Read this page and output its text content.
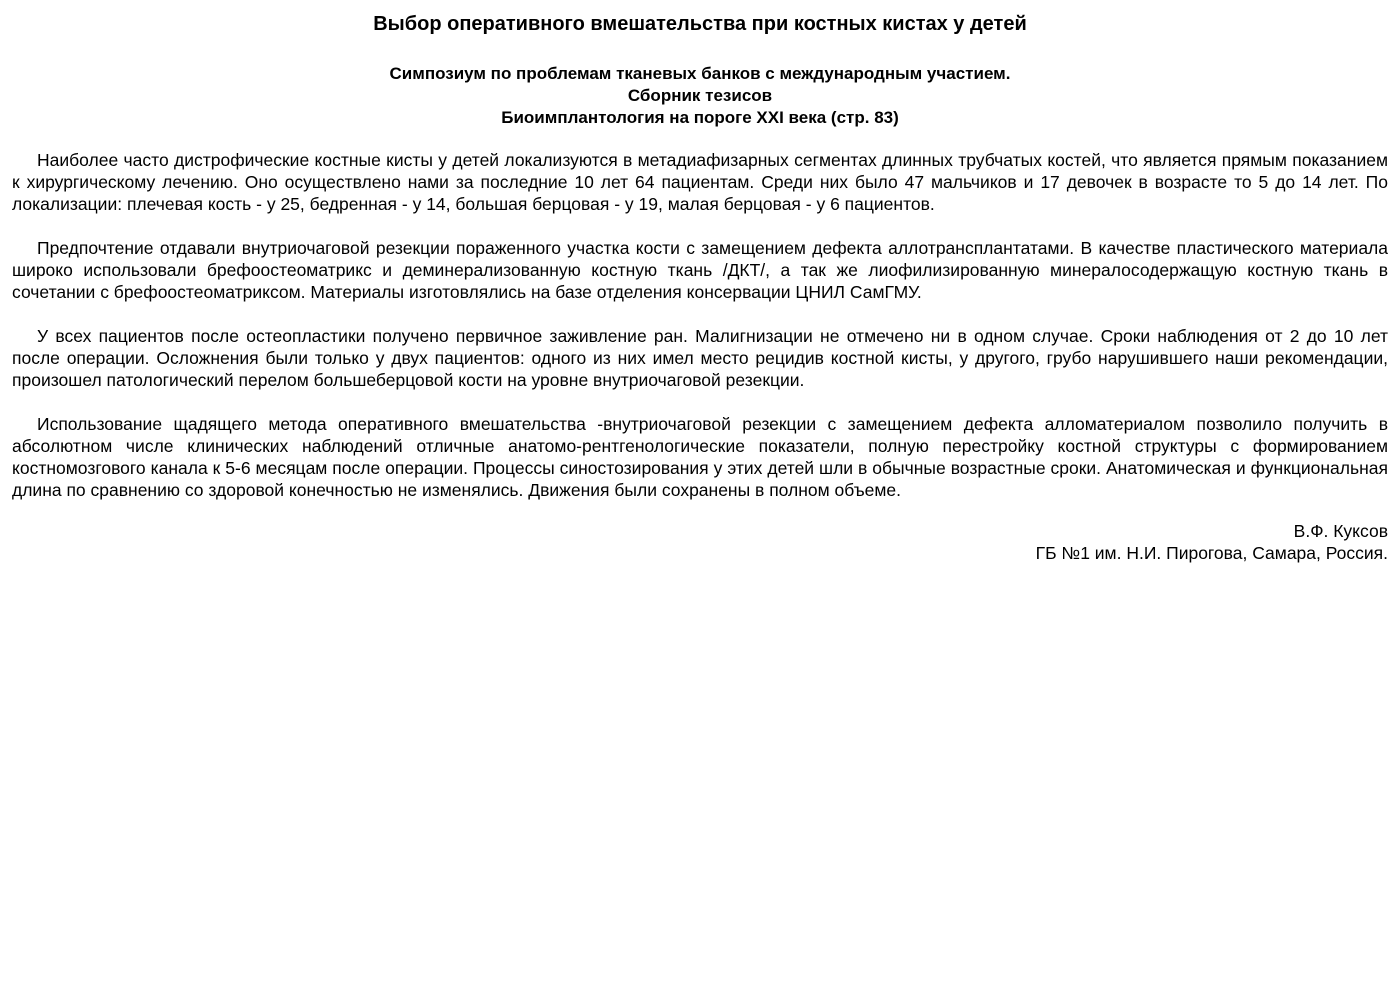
Выбор оперативного вмешательства при костных кистах у детей
Симпозиум по проблемам тканевых банков с международным участием.
Сборник тезисов
Биоимплантология на пороге XXI века (стр. 83)

Наиболее часто дистрофические костные кисты у детей локализуются в метадиафизарных сегментах длинных трубчатых костей, что является прямым показанием к хирургическому лечению. Оно осуществлено нами за последние 10 лет 64 пациентам. Среди них было 47 мальчиков и 17 девочек в возрасте то 5 до 14 лет. По локализации: плечевая кость - у 25, бедренная - у 14, большая берцовая - у 19, малая берцовая - у 6 пациентов.

Предпочтение отдавали внутриочаговой резекции пораженного участка кости с замещением дефекта аллотрансплантатами. В качестве пластического материала широко использовали брефоостеоматрикс и деминерализованную костную ткань /ДКТ/, а так же лиофилизированную минералосодержащую костную ткань в сочетании с брефоостеоматриксом. Материалы изготовлялись на базе отделения консервации ЦНИЛ СамГМУ.

У всех пациентов после остеопластики получено первичное заживление ран. Малигнизации не отмечено ни в одном случае. Сроки наблюдения от 2 до 10 лет после операции. Осложнения были только у двух пациентов: одного из них имел место рецидив костной кисты, у другого, грубо нарушившего наши рекомендации, произошел патологический перелом большеберцовой кости на уровне внутриочаговой резекции.

Использование щадящего метода оперативного вмешательства -внутриочаговой резекции с замещением дефекта алломатериалом позволило получить в абсолютном числе клинических наблюдений отличные анатомо-рентгенологические показатели, полную перестройку костной структуры с формированием костномозгового канала к 5-6 месяцам после операции. Процессы синостозирования у этих детей шли в обычные возрастные сроки. Анатомическая и функциональная длина по сравнению со здоровой конечностью не изменялись. Движения были сохранены в полном объеме.

В.Ф. Куксов
ГБ №1 им. Н.И. Пирогова, Самара, Россия.
